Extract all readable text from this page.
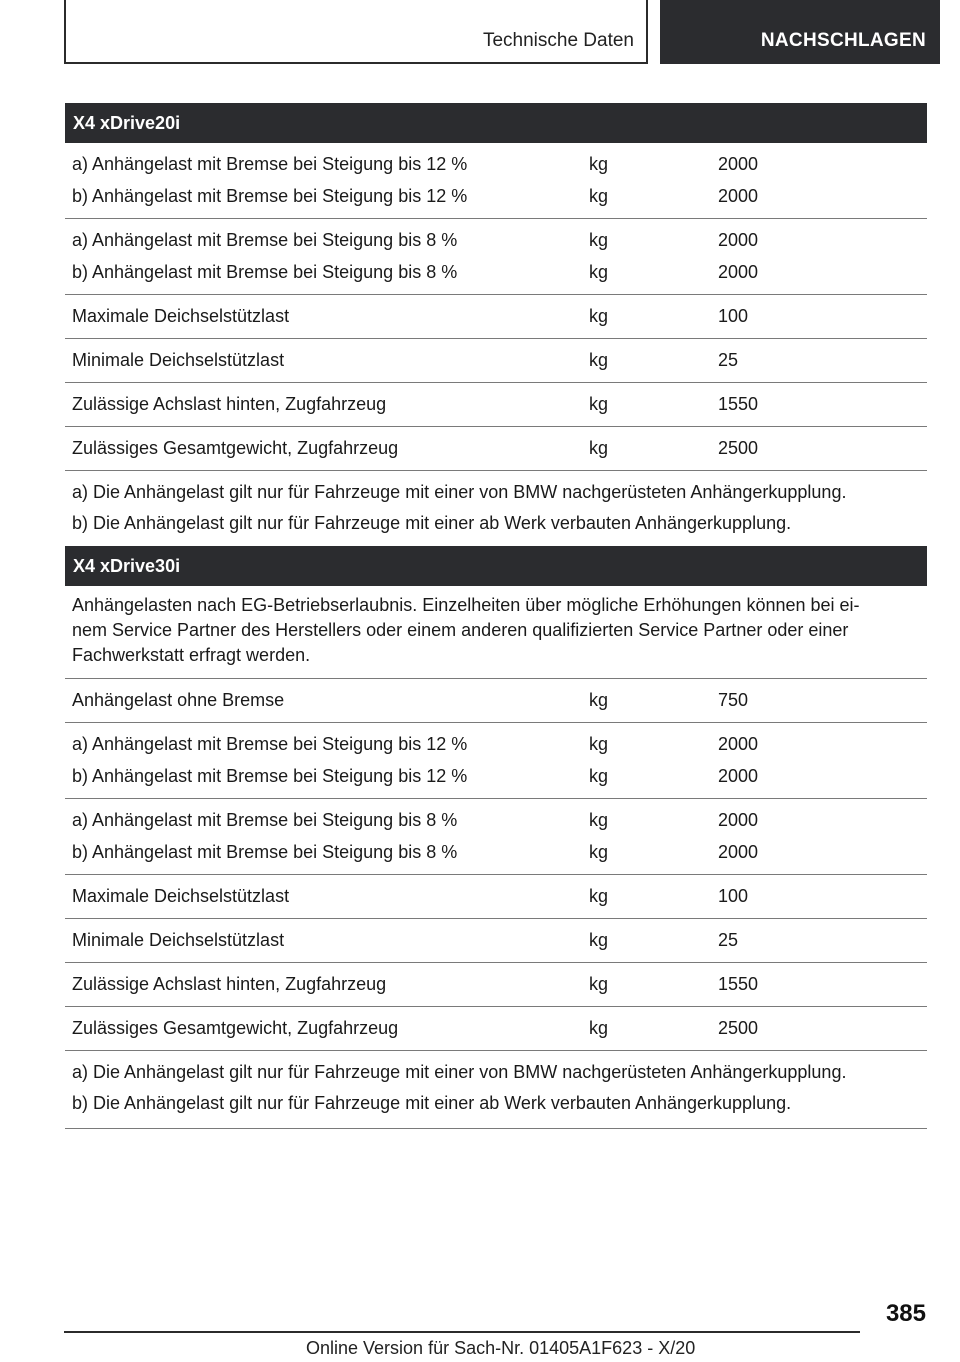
Technische Daten	NACHSCHLAGEN
X4 xDrive20i
a) Anhängelast mit Bremse bei Steigung bis 12 %	kg	2000
b) Anhängelast mit Bremse bei Steigung bis 12 %	kg	2000
a) Anhängelast mit Bremse bei Steigung bis 8 %	kg	2000
b) Anhängelast mit Bremse bei Steigung bis 8 %	kg	2000
Maximale Deichselstützlast	kg	100
Minimale Deichselstützlast	kg	25
Zulässige Achslast hinten, Zugfahrzeug	kg	1550
Zulässiges Gesamtgewicht, Zugfahrzeug	kg	2500
a) Die Anhängelast gilt nur für Fahrzeuge mit einer von BMW nachgerüsteten Anhängerkupplung.
b) Die Anhängelast gilt nur für Fahrzeuge mit einer ab Werk verbauten Anhängerkupplung.
X4 xDrive30i
Anhängelasten nach EG-Betriebserlaubnis. Einzelheiten über mögliche Erhöhungen können bei ei-
nem Service Partner des Herstellers oder einem anderen qualifizierten Service Partner oder einer
Fachwerkstatt erfragt werden.
Anhängelast ohne Bremse	kg	750
a) Anhängelast mit Bremse bei Steigung bis 12 %	kg	2000
b) Anhängelast mit Bremse bei Steigung bis 12 %	kg	2000
a) Anhängelast mit Bremse bei Steigung bis 8 %	kg	2000
b) Anhängelast mit Bremse bei Steigung bis 8 %	kg	2000
Maximale Deichselstützlast	kg	100
Minimale Deichselstützlast	kg	25
Zulässige Achslast hinten, Zugfahrzeug	kg	1550
Zulässiges Gesamtgewicht, Zugfahrzeug	kg	2500
a) Die Anhängelast gilt nur für Fahrzeuge mit einer von BMW nachgerüsteten Anhängerkupplung.
b) Die Anhängelast gilt nur für Fahrzeuge mit einer ab Werk verbauten Anhängerkupplung.
385
Online Version für Sach-Nr. 01405A1F623 - X/20
